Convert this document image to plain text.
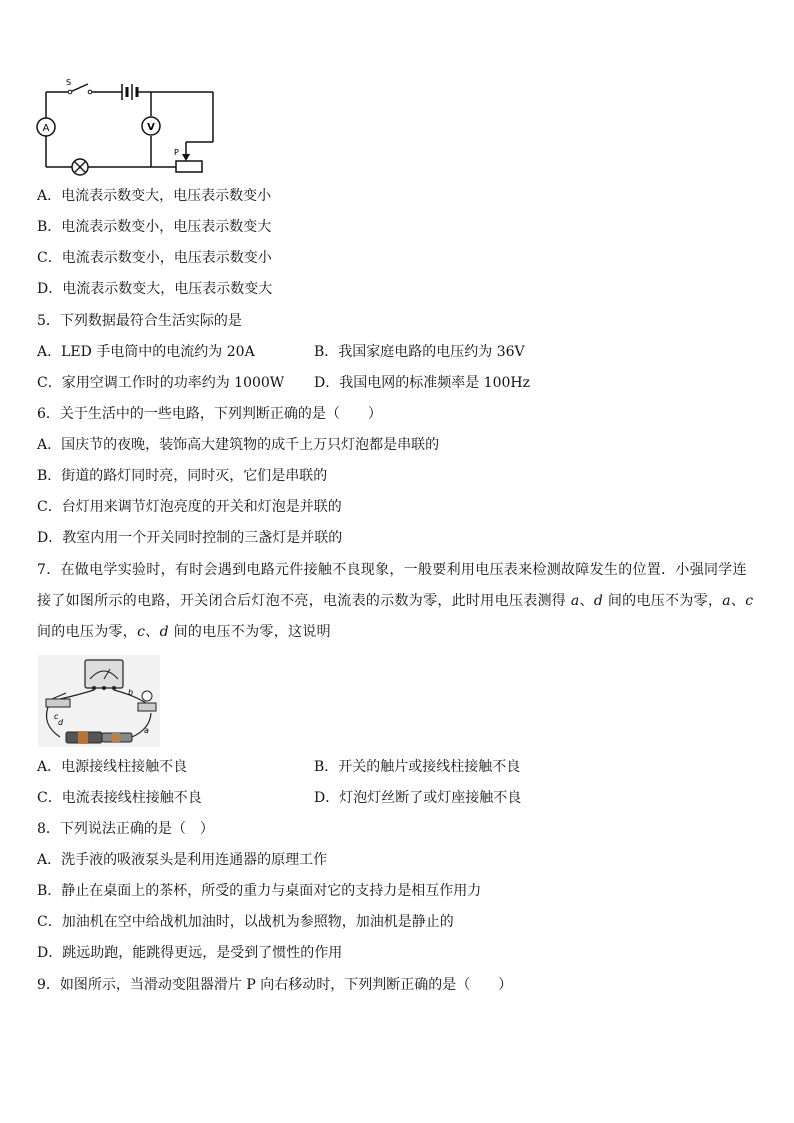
A	V
S
P
A．电流表示数变大，电压表示数变小
B．电流表示数变小，电压表示数变大
C．电流表示数变小，电压表示数变小
D．电流表示数变大，电压表示数变大
5．下列数据最符合生活实际的是
A．LED 手电筒中的电流约为 20A	B．我国家庭电路的电压约为 36V
C．家用空调工作时的功率约为 1000W D．我国电网的标准频率是 100Hz
6．关于生活中的一些电路，下列判断正确的是（　　）
A．国庆节的夜晚，装饰高大建筑物的成千上万只灯泡都是串联的
B．街道的路灯同时亮，同时灭，它们是串联的
C．台灯用来调节灯泡亮度的开关和灯泡是并联的
D．教室内用一个开关同时控制的三盏灯是并联的
7．在做电学实验时，有时会遇到电路元件接触不良现象，一般要利用电压表来检测故障发生的位置．小强同学连接了如图所示的电路，开关闭合后灯泡不亮，电流表的示数为零，此时用电压表测得 a、d 间的电压不为零，a、c 间的电压为零，c、d 间的电压不为零，这说明
b
c
d
a
A．电源接线柱接触不良	B．开关的触片或接线柱接触不良
C．电流表接线柱接触不良	D．灯泡灯丝断了或灯座接触不良
8．下列说法正确的是（　）
A．洗手液的吸液泵头是利用连通器的原理工作
B．静止在桌面上的茶杯，所受的重力与桌面对它的支持力是相互作用力
C．加油机在空中给战机加油时，以战机为参照物，加油机是静止的
D．跳远助跑，能跳得更远，是受到了惯性的作用
9．如图所示，当滑动变阻器滑片 P 向右移动时，下列判断正确的是（　　）
